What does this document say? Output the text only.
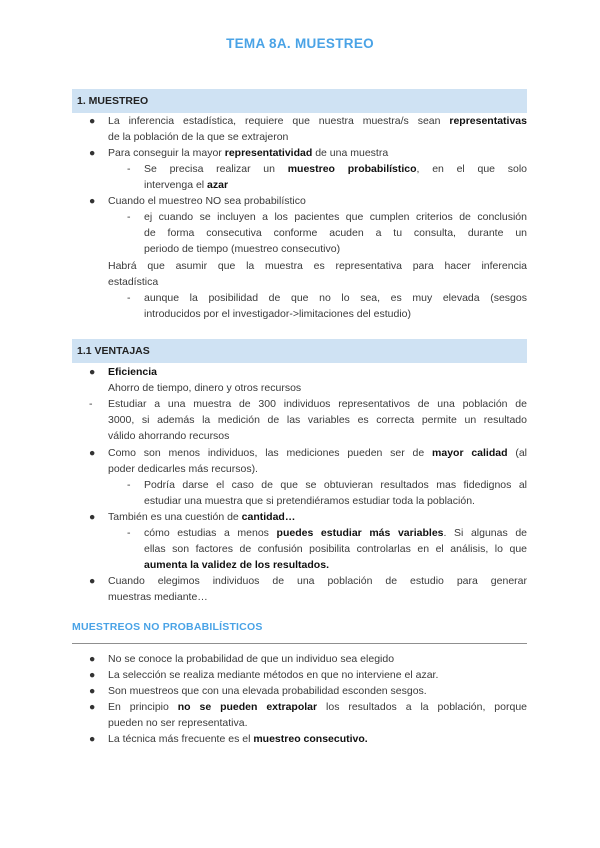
TEMA 8A. MUESTREO
1. MUESTREO
● La inferencia estadística, requiere que nuestra muestra/s sean representativas
de la población de la que se extrajeron
● Para conseguir la mayor representatividad de una muestra
- Se precisa realizar un muestreo probabilístico, en el que solo
intervenga el azar
● Cuando el muestreo NO sea probabilístico
- ej cuando se incluyen a los pacientes que cumplen criterios de conclusión
de forma consecutiva conforme acuden a tu consulta, durante un
periodo de tiempo (muestreo consecutivo)
Habrá que asumir que la muestra es representativa para hacer inferencia
estadística
- aunque la posibilidad de que no lo sea, es muy elevada (sesgos
introducidos por el investigador->limitaciones del estudio)
1.1 VENTAJAS
● Eficiencia
Ahorro de tiempo, dinero y otros recursos
- Estudiar a una muestra de 300 individuos representativos de una población de
3000, si además la medición de las variables es correcta permite un resultado
válido ahorrando recursos
● Como son menos individuos, las mediciones pueden ser de mayor calidad (al
poder dedicarles más recursos).
- Podría darse el caso de que se obtuvieran resultados mas fidedignos al
estudiar una muestra que si pretendiéramos estudiar toda la población.
● También es una cuestión de cantidad…
- cómo estudias a menos puedes estudiar más variables. Si algunas de
ellas son factores de confusión posibilita controlarlas en el análisis, lo que
aumenta la validez de los resultados.
● Cuando elegimos individuos de una población de estudio para generar
muestras mediante…
MUESTREOS NO PROBABILÍSTICOS
● No se conoce la probabilidad de que un individuo sea elegido
● La selección se realiza mediante métodos en que no interviene el azar.
● Son muestreos que con una elevada probabilidad esconden sesgos.
● En principio no se pueden extrapolar los resultados a la población, porque
pueden no ser representativa.
● La técnica más frecuente es el muestreo consecutivo.
